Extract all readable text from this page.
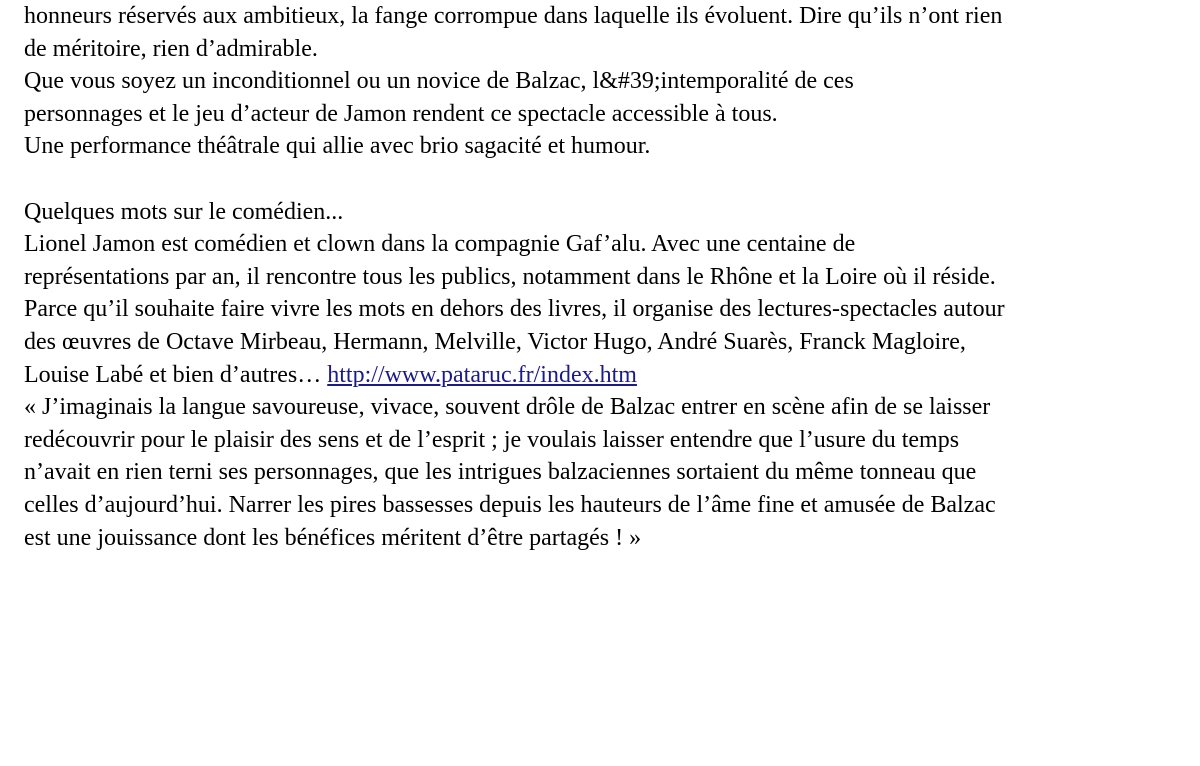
honneurs réservés aux ambitieux, la fange corrompue dans laquelle ils évoluent. Dire qu’ils n’ont rien
de méritoire, rien d’admirable.
Que vous soyez un inconditionnel ou un novice de Balzac, l&#39;intemporalité de ces
personnages et le jeu d’acteur de Jamon rendent ce spectacle accessible à tous.
Une performance théâtrale qui allie avec brio sagacité et humour.
Quelques mots sur le comédien...
Lionel Jamon est comédien et clown dans la compagnie Gaf’alu. Avec une centaine de
représentations par an, il rencontre tous les publics, notamment dans le Rhône et la Loire où il réside.
Parce qu’il souhaite faire vivre les mots en dehors des livres, il organise des lectures-spectacles autour
des œuvres de Octave Mirbeau, Hermann, Melville, Victor Hugo, André Suarès, Franck Magloire,
Louise Labé et bien d’autres… http://www.pataruc.fr/index.htm
« J’imaginais la langue savoureuse, vivace, souvent drôle de Balzac entrer en scène afin de se laisser
redécouvrir pour le plaisir des sens et de l’esprit ; je voulais laisser entendre que l’usure du temps
n’avait en rien terni ses personnages, que les intrigues balzaciennes sortaient du même tonneau que
celles d’aujourd’hui. Narrer les pires bassesses depuis les hauteurs de l’âme fine et amusée de Balzac
est une jouissance dont les bénéfices méritent d’être partagés ! »
